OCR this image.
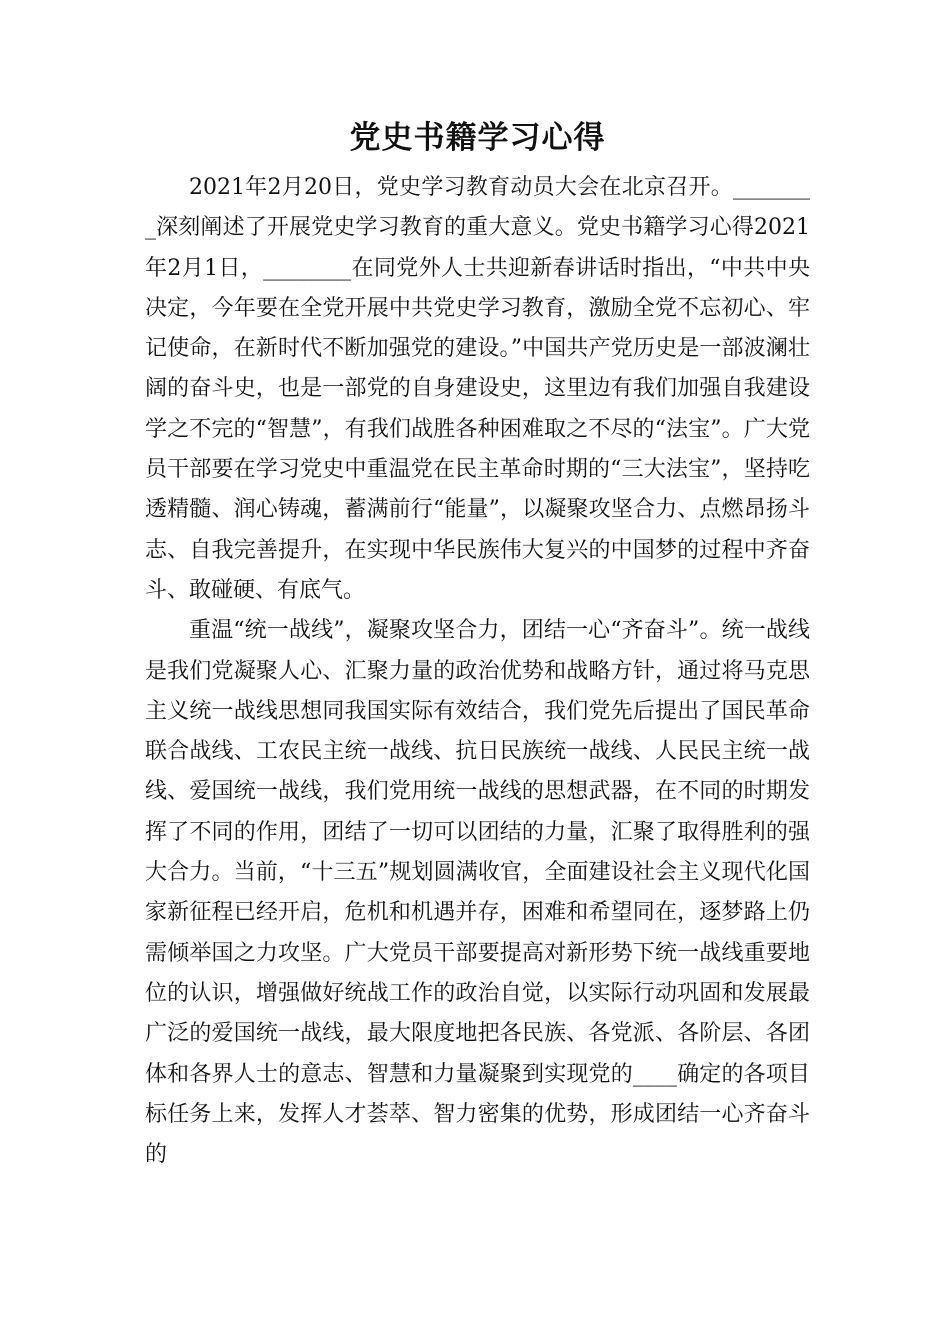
党史书籍学习心得

2021年2月20日，党史学习教育动员大会在北京召开。________深刻阐述了开展党史学习教育的重大意义。党史书籍学习心得2021年2月1日，________在同党外人士共迎新春讲话时指出，“中共中央决定，今年要在全党开展中共党史学习教育，激励全党不忘初心、牢记使命，在新时代不断加强党的建设。”中国共产党历史是一部波澜壮阔的奋斗史，也是一部党的自身建设史，这里边有我们加强自我建设学之不完的“智慧”，有我们战胜各种困难取之不尽的“法宝”。广大党员干部要在学习党史中重温党在民主革命时期的“三大法宝”，坚持吃透精髓、润心铸魂，蓄满前行“能量”，以凝聚攻坚合力、点燃昂扬斗志、自我完善提升，在实现中华民族伟大复兴的中国梦的过程中齐奋斗、敢碰硬、有底气。

重温“统一战线”，凝聚攻坚合力，团结一心“齐奋斗”。统一战线是我们党凝聚人心、汇聚力量的政治优势和战略方针，通过将马克思主义统一战线思想同我国实际有效结合，我们党先后提出了国民革命联合战线、工农民主统一战线、抗日民族统一战线、人民民主统一战线、爱国统一战线，我们党用统一战线的思想武器，在不同的时期发挥了不同的作用，团结了一切可以团结的力量，汇聚了取得胜利的强大合力。当前，“十三五”规划圆满收官，全面建设社会主义现代化国家新征程已经开启，危机和机遇并存，困难和希望同在，逐梦路上仍需倾举国之力攻坚。广大党员干部要提高对新形势下统一战线重要地位的认识，增强做好统战工作的政治自觉，以实际行动巩固和发展最广泛的爱国统一战线，最大限度地把各民族、各党派、各阶层、各团体和各界人士的意志、智慧和力量凝聚到实现党的____确定的各项目标任务上来，发挥人才荟萃、智力密集的优势，形成团结一心齐奋斗的
